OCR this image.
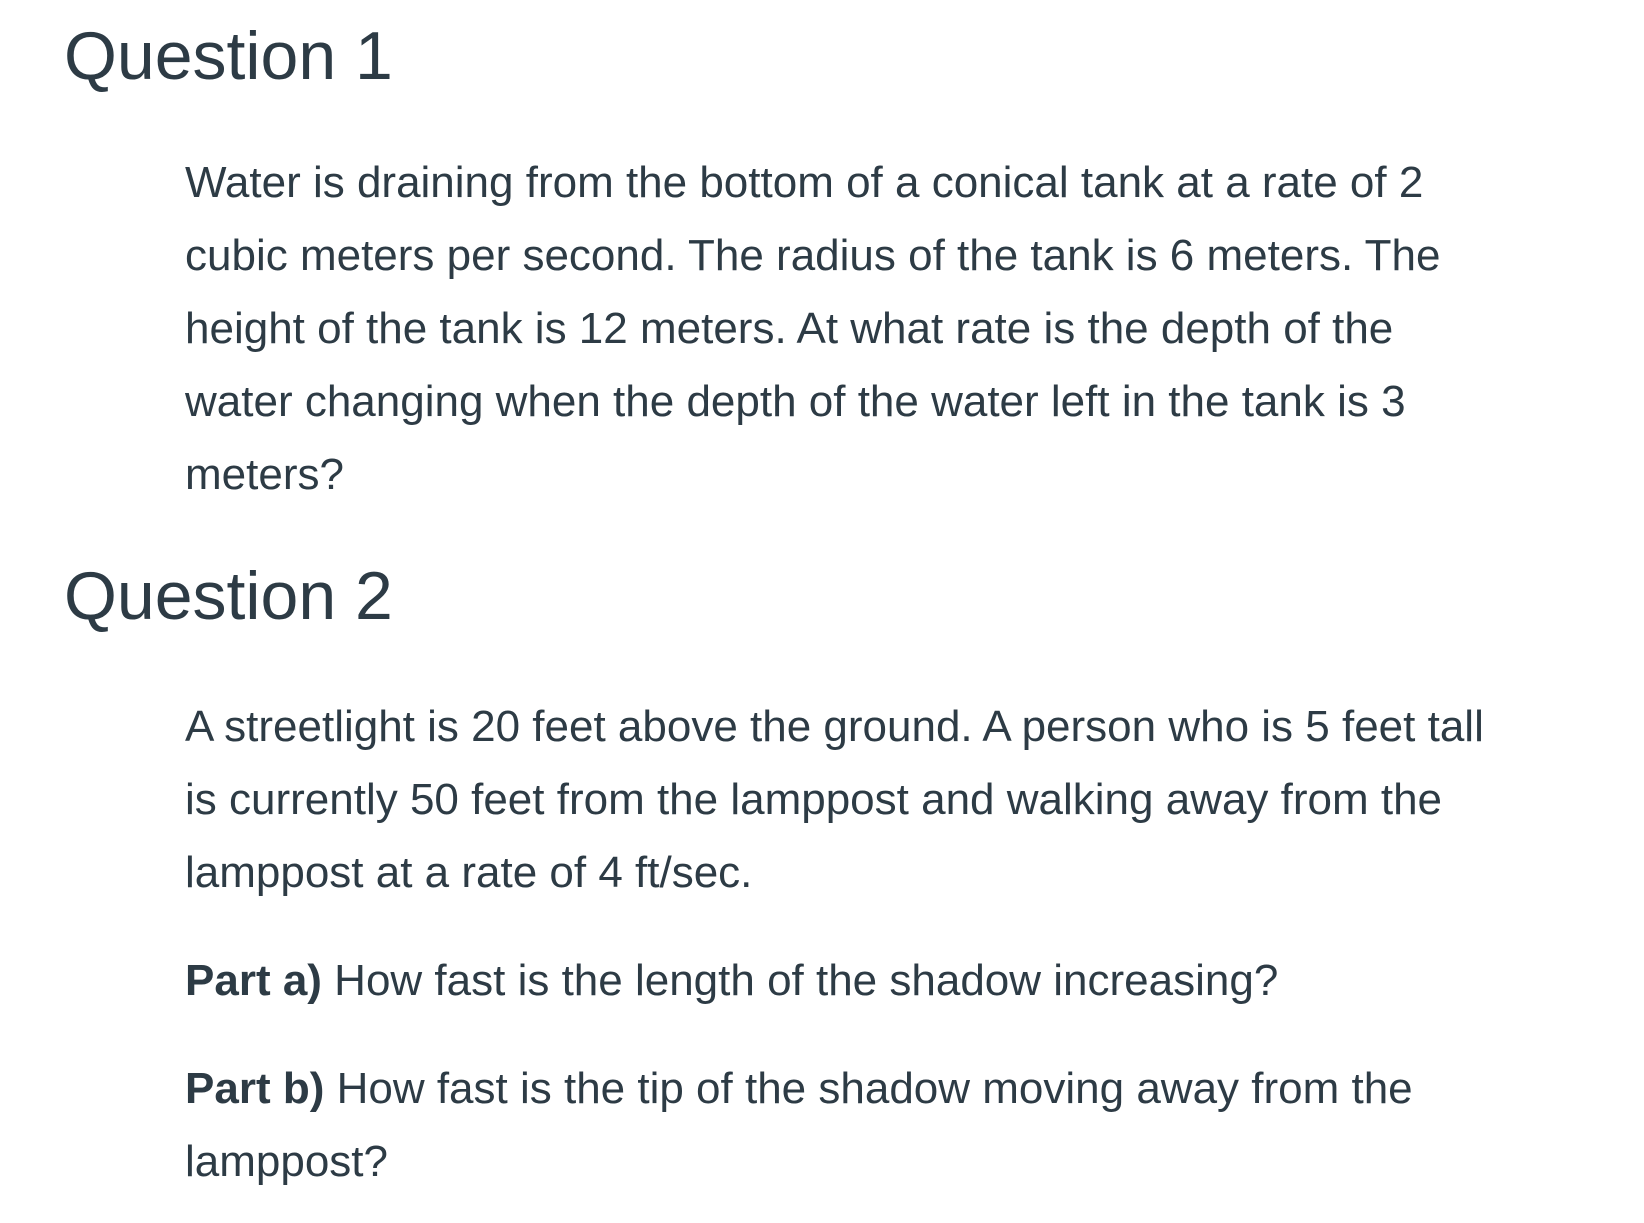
Question 1

Water is draining from the bottom of a conical tank at a rate of 2
cubic meters per second. The radius of the tank is 6 meters. The
height of the tank is 12 meters. At what rate is the depth of the
water changing when the depth of the water left in the tank is 3
meters?

Question 2

A streetlight is 20 feet above the ground. A person who is 5 feet tall
is currently 50 feet from the lamppost and walking away from the
lamppost at a rate of 4 ft/sec.

Part a) How fast is the length of the shadow increasing?

Part b) How fast is the tip of the shadow moving away from the
lamppost?
